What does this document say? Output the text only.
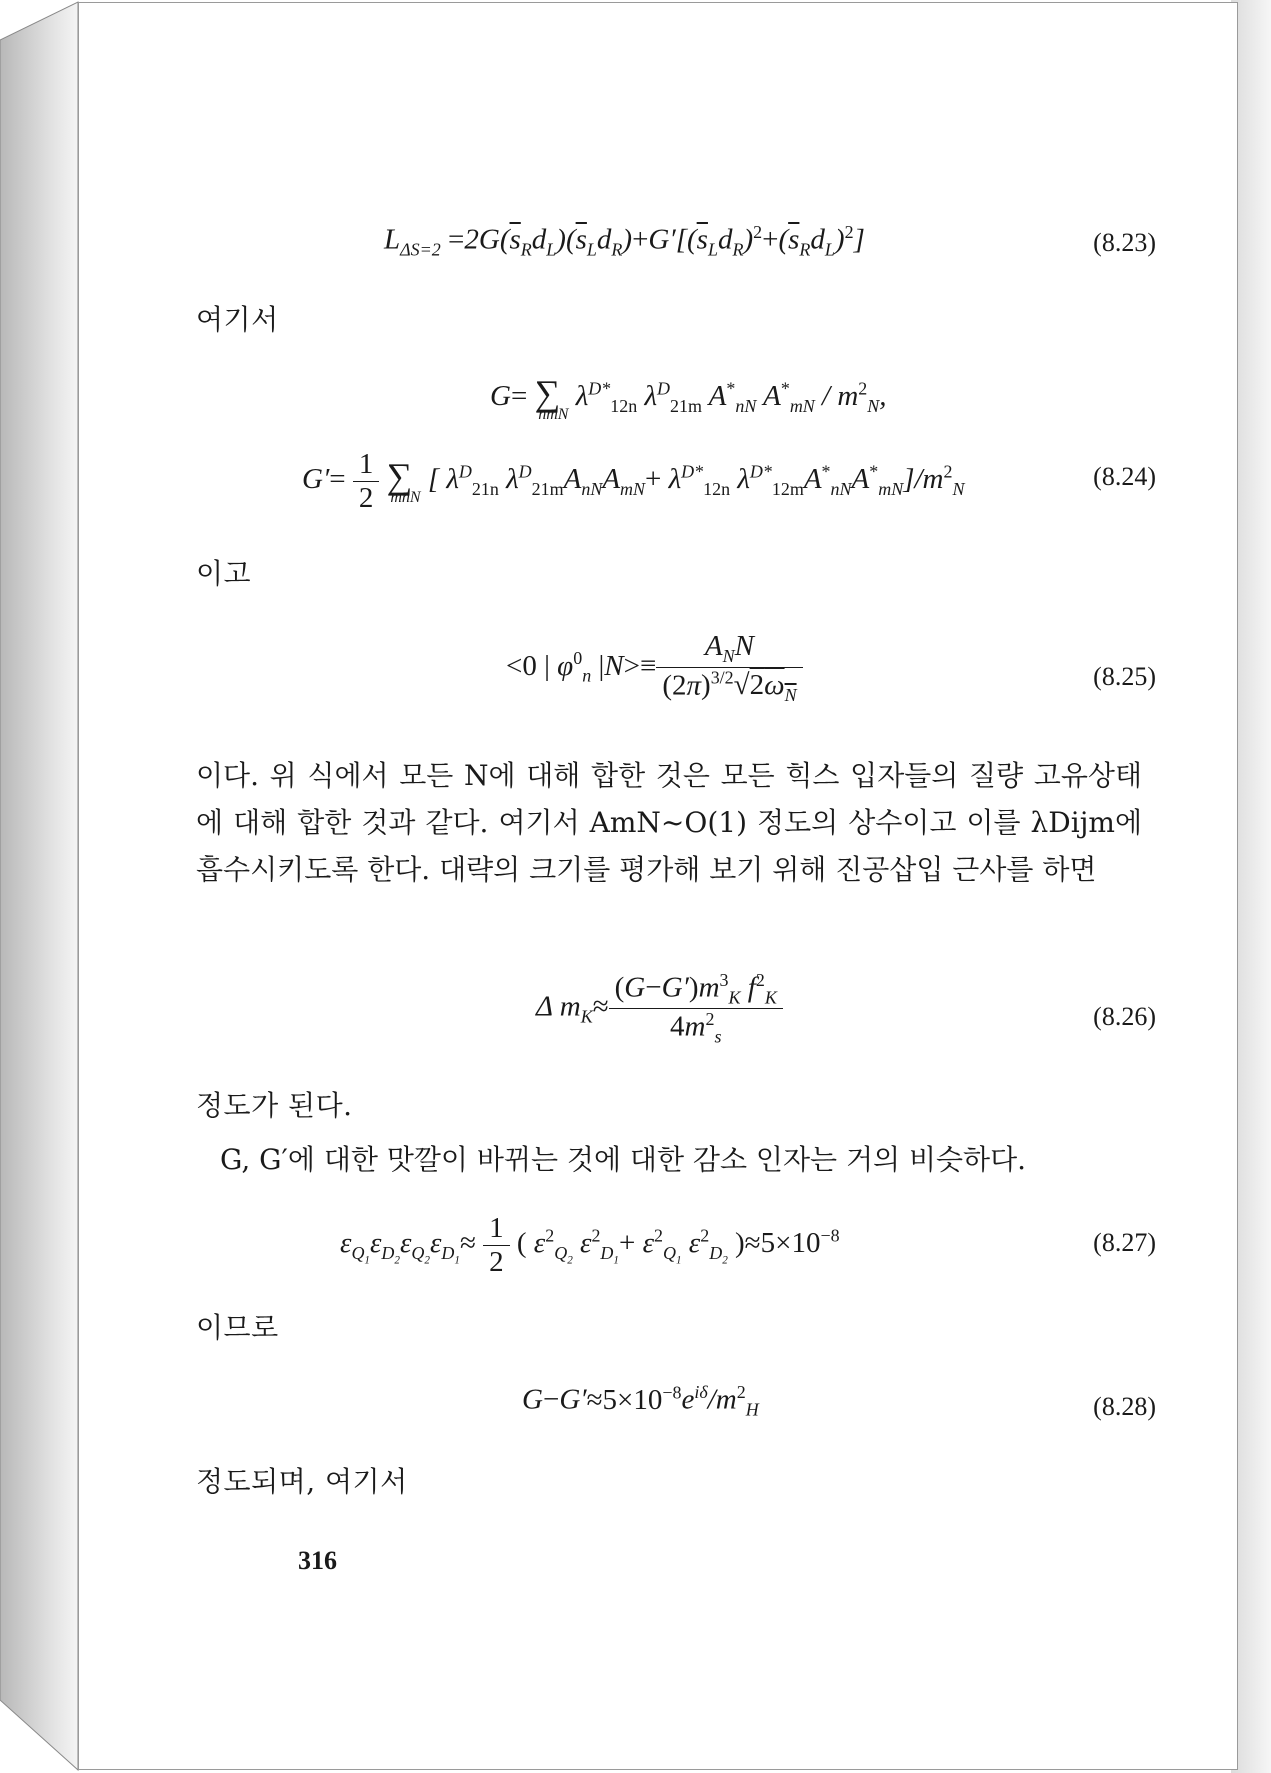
$L_{\Delta S=2} =2G(\overline{s}_Rd_L)(\overline{s}_Ld_R)+G'[(\overline{s}_Ld_R)^2+(\overline{s}_Rd_L)^2]$	(8.23)
여기서
$G= \sum_{nmN}$ $\lambda^{D*}_{12n}$ $\lambda^D_{21m}$ $A^*_{nN}$ $A^*_{mN} / m^2_N$,
$G'= \frac{1}{2} \sum_{mnN}$ [ $\lambda^D_{21n}$ $\lambda^D_{21m}A_{nN}A_{mN}+ \lambda^{D*}_{12n}$ $\lambda^{D*}_{12m}A^*_{nN}A^*_{mN}]/m^2_N$	(8.24)
이고
<0 | $\varphi^0_n$ $|N>\equiv \frac{A_NN}{(2\pi)^{3/2}√2\omega_N}$	(8.25)
이다. 위 식에서 모든 N에 대해 합한 것은 모든 힉스 입자들의 질량 고유상태에 대해 합한 것과 같다. 여기서 AmN~O(1) 정도의 상수이고 이를 λDijm에 흡수시키도록 한다. 대략의 크기를 평가해 보기 위해 진공삽입 근사를 하면
Δ $m_K\approx \frac{(G-G')m^3_K f^2_K}{4m^2_s}$	(8.26)
정도가 된다.
G, G′에 대한 맛깔이 바뀌는 것에 대한 감소 인자는 거의 비슷하다.
$\varepsilon_{Q_1}\varepsilon_{D_2}\varepsilon_{Q_2}\varepsilon_{D_1}\approx \frac{1}{2}$ ( $\varepsilon^2_{Q_2}$ $\varepsilon^2_{D_1}+ \varepsilon^2_{Q_1}$ $\varepsilon^2_{D_2}$ )$\approx 5\times 10^{-8}$	(8.27)
이므로
$G-G'\approx 5\times 10^{-8}e^{i\delta}/m^2_H$	(8.28)
정도되며, 여기서
316
